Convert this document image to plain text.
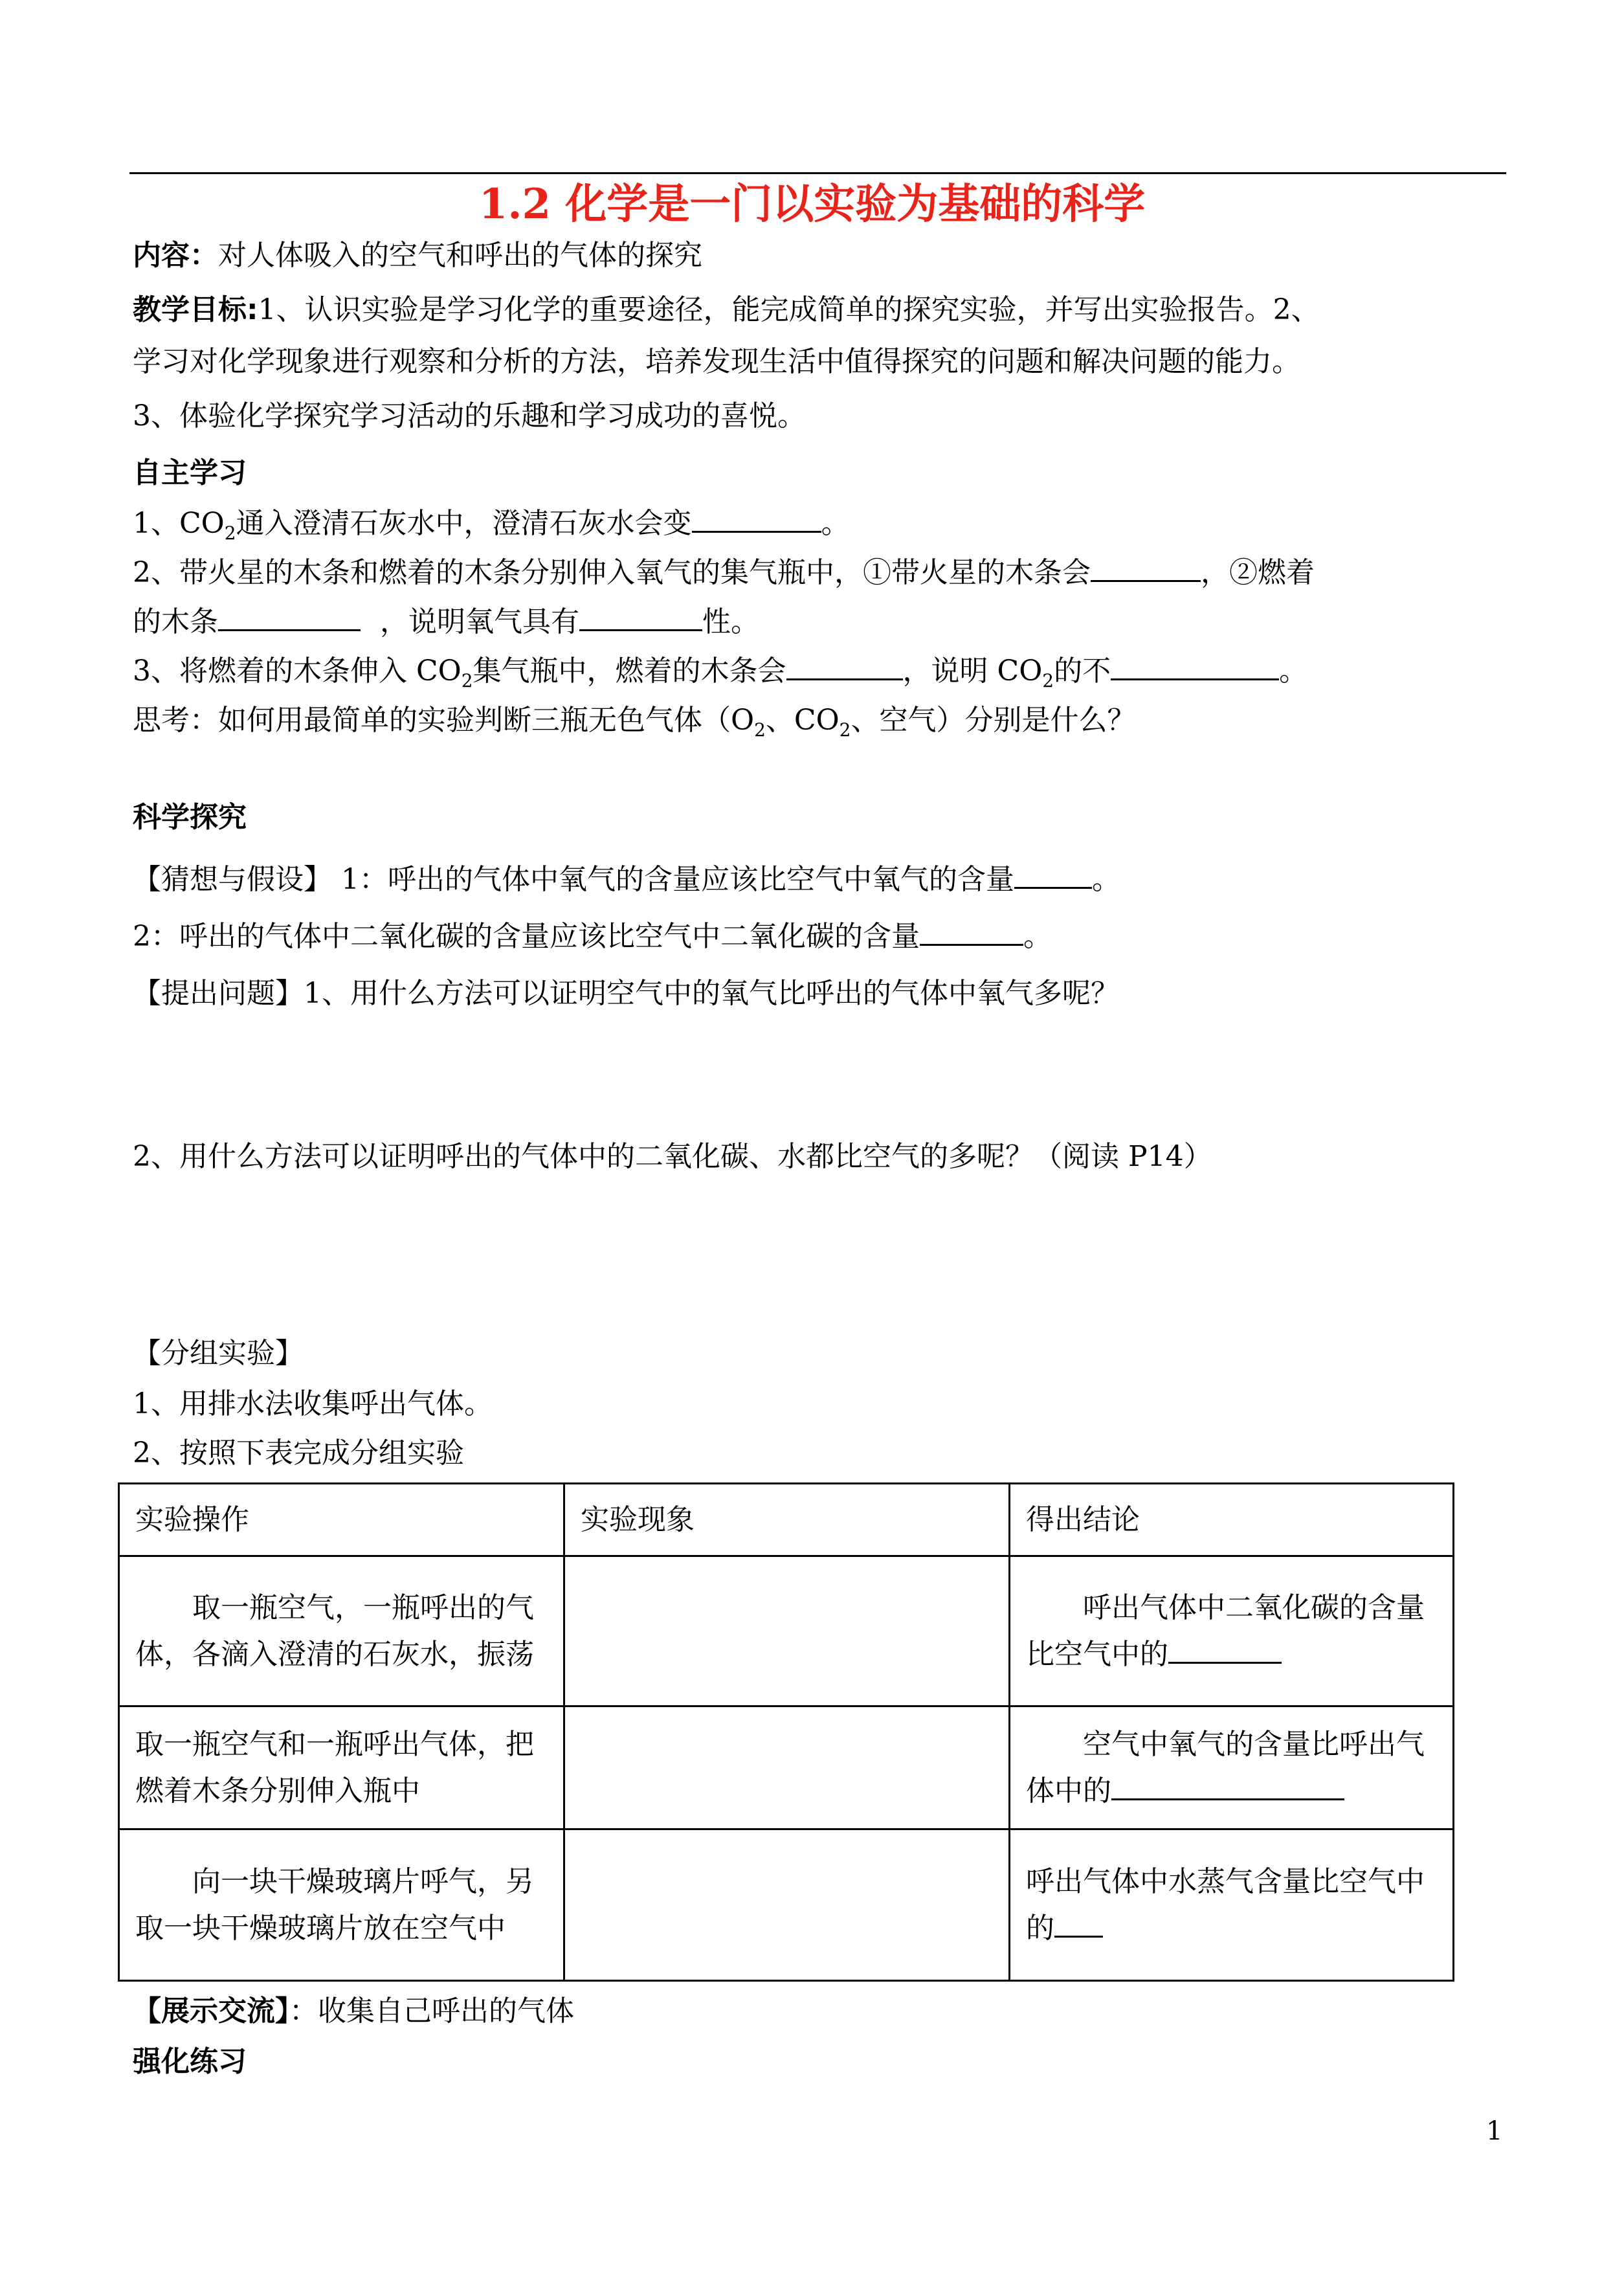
1.2 化学是一门以实验为基础的科学
内容：对人体吸入的空气和呼出的气体的探究
教学目标:1、认识实验是学习化学的重要途径，能完成简单的探究实验，并写出实验报告。2、
学习对化学现象进行观察和分析的方法，培养发现生活中值得探究的问题和解决问题的能力。
3、体验化学探究学习活动的乐趣和学习成功的喜悦。
自主学习
1、$CO_2$通入澄清石灰水中，澄清石灰水会变	。
2、带火星的木条和燃着的木条分别伸入氧气的集气瓶中，①带火星的木条会	，②燃着
的木条	，说明氧气具有	性。
3、将燃着的木条伸入 $CO_2$集气瓶中，燃着的木条会	，说明 $CO_2$的不	。
思考：如何用最简单的实验判断三瓶无色气体（$O_2$、$CO_2$、空气）分别是什么？
科学探究
【猜想与假设】 1：呼出的气体中氧气的含量应该比空气中氧气的含量	。
2：呼出的气体中二氧化碳的含量应该比空气中二氧化碳的含量	。
【提出问题】1、用什么方法可以证明空气中的氧气比呼出的气体中氧气多呢？
2、用什么方法可以证明呼出的气体中的二氧化碳、水都比空气的多呢？（阅读 P14）
【分组实验】
1、用排水法收集呼出气体。
2、按照下表完成分组实验
实验操作	实验现象	得出结论
取一瓶空气，一瓶呼出的气体，各滴入澄清的石灰水，振荡		呼出气体中二氧化碳的含量比空气中的
取一瓶空气和一瓶呼出气体，把燃着木条分别伸入瓶中		空气中氧气的含量比呼出气体中的
向一块干燥玻璃片呼气，另取一块干燥玻璃片放在空气中		呼出气体中水蒸气含量比空气中的
【展示交流】：收集自己呼出的气体
强化练习
1
